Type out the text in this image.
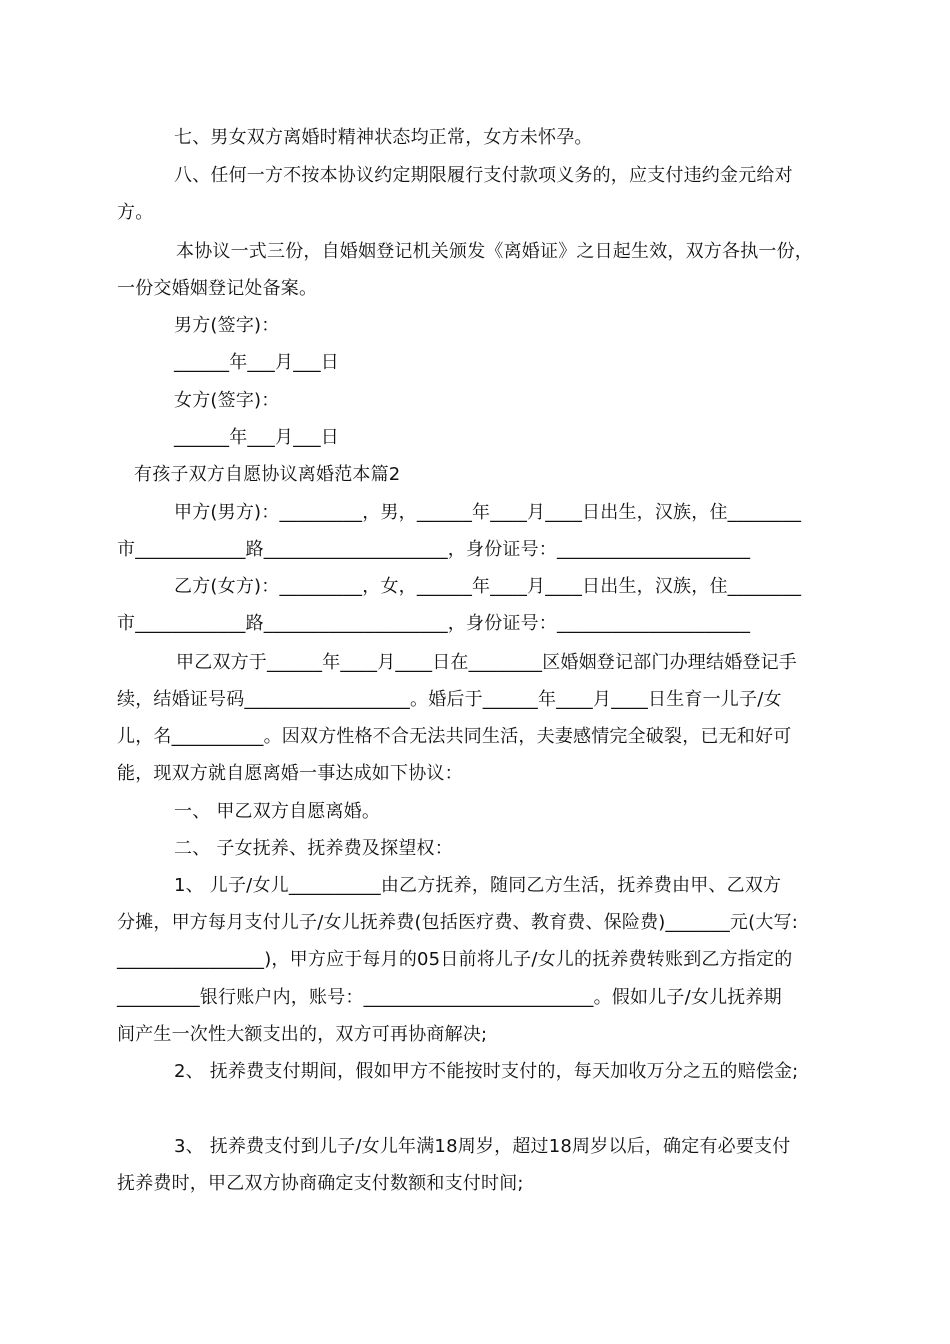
七、男女双方离婚时精神状态均正常，女方未怀孕。
八、任何一方不按本协议约定期限履行支付款项义务的，应支付违约金元给对
方。
本协议一式三份，自婚姻登记机关颁发《离婚证》之日起生效，双方各执一份，
一份交婚姻登记处备案。
男方(签字)：
______年___月___日
女方(签字)：
______年___月___日
有孩子双方自愿协议离婚范本篇2
甲方(男方)：_________，男，______年____月____日出生，汉族，住________
市____________路____________________，身份证号：_____________________
乙方(女方)：_________，女，______年____月____日出生，汉族，住________
市____________路____________________，身份证号：_____________________
甲乙双方于______年____月____日在________区婚姻登记部门办理结婚登记手
续，结婚证号码__________________。婚后于______年____月____日生育一儿子/女
儿，名__________。因双方性格不合无法共同生活，夫妻感情完全破裂，已无和好可
能，现双方就自愿离婚一事达成如下协议：
一、 甲乙双方自愿离婚。
二、 子女抚养、抚养费及探望权：
1、 儿子/女儿__________由乙方抚养，随同乙方生活，抚养费由甲、乙双方
分摊，甲方每月支付儿子/女儿抚养费(包括医疗费、教育费、保险费)_______元(大写:
________________)，甲方应于每月的05日前将儿子/女儿的抚养费转账到乙方指定的
_________银行账户内，账号：_________________________。假如儿子/女儿抚养期
间产生一次性大额支出的，双方可再协商解决;
2、 抚养费支付期间，假如甲方不能按时支付的，每天加收万分之五的赔偿金;
3、 抚养费支付到儿子/女儿年满18周岁，超过18周岁以后，确定有必要支付
抚养费时，甲乙双方协商确定支付数额和支付时间;
